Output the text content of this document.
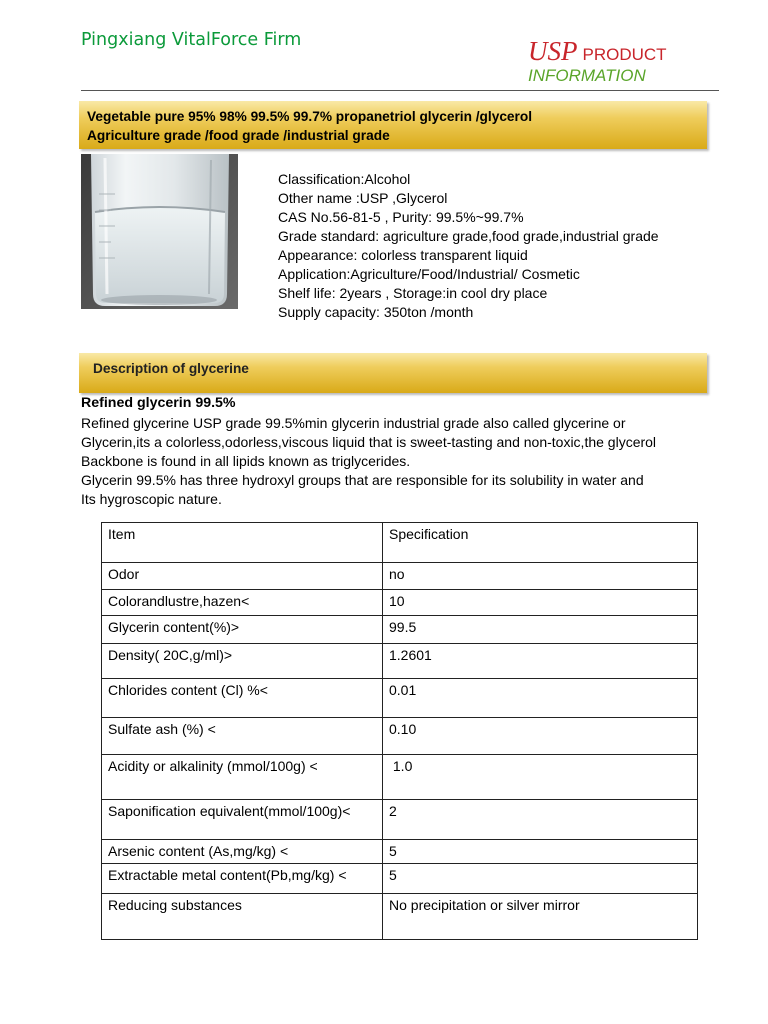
Pingxiang VitalForce Firm	USP PRODUCT
INFORMATION
Vegetable pure 95% 98% 99.5% 99.7% propanetriol glycerin /glycerol
Agriculture grade /food grade /industrial grade
Classification:Alcohol
Other name :USP ,Glycerol
CAS No.56-81-5 , Purity: 99.5%~99.7%
Grade standard: agriculture grade,food grade,industrial grade
Appearance: colorless transparent liquid
Application:Agriculture/Food/Industrial/ Cosmetic
Shelf life: 2years , Storage:in cool dry place
Supply capacity: 350ton /month
Description of glycerine
Refined glycerin 99.5%
Refined glycerine USP grade 99.5%min glycerin industrial grade also called glycerine or
Glycerin,its a colorless,odorless,viscous liquid that is sweet-tasting and non-toxic,the glycerol
Backbone is found in all lipids known as triglycerides.
Glycerin 99.5% has three hydroxyl groups that are responsible for its solubility in water and
Its hygroscopic nature.
Item	Specification
Odor	no
Colorandlustre,hazen<	10
Glycerin content(%)>	99.5
Density( 20C,g/ml)>	1.2601
Chlorides content (Cl) %<	0.01
Sulfate ash (%) <	0.10
Acidity or alkalinity (mmol/100g) <	1.0
Saponification equivalent(mmol/100g)<	2
Arsenic content (As,mg/kg) <	5
Extractable metal content(Pb,mg/kg) <	5
Reducing substances	No precipitation or silver mirror
